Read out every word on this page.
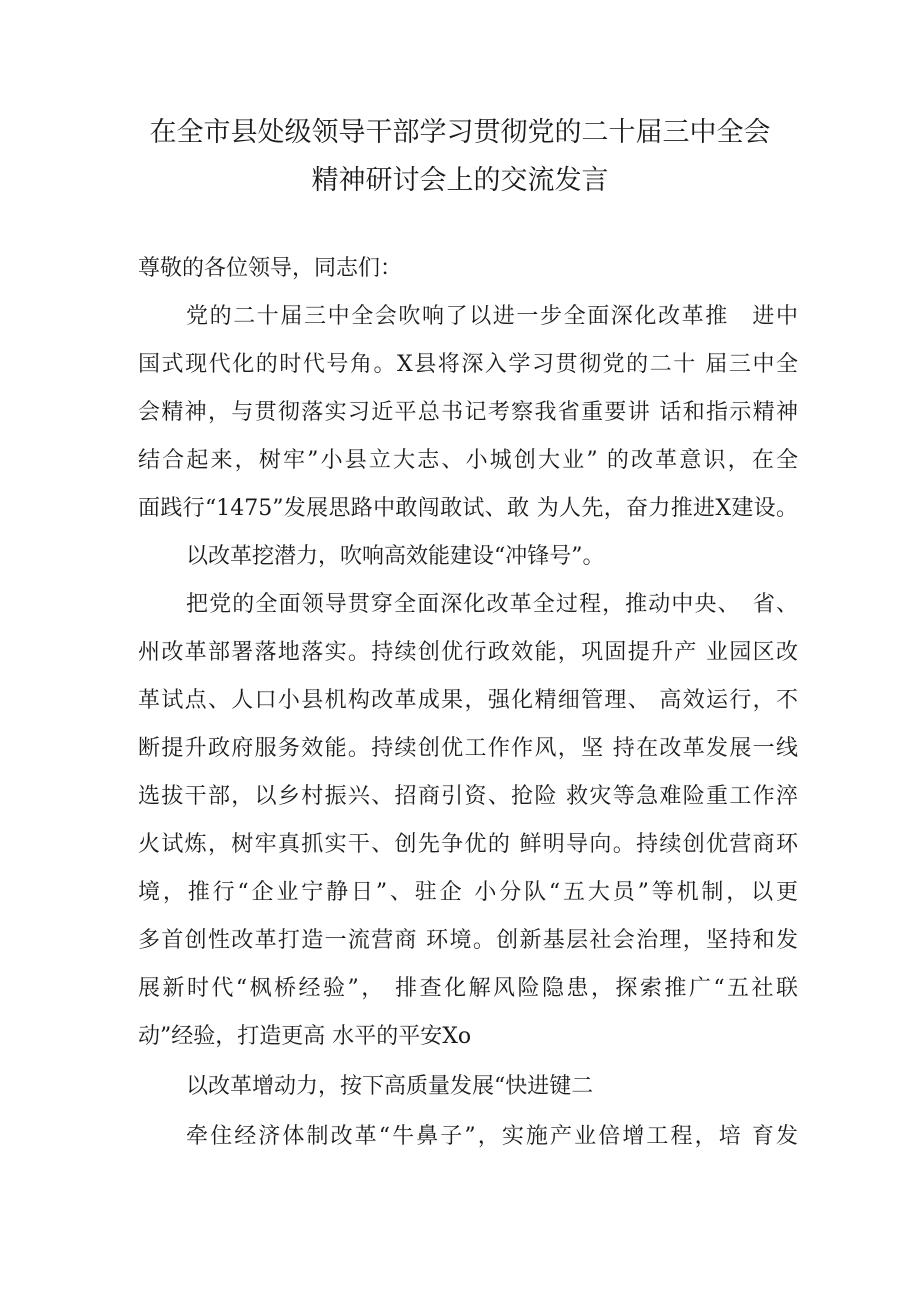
在全市县处级领导干部学习贯彻党的二十届三中全会
精神研讨会上的交流发言
尊敬的各位领导，同志们：
党的二十届三中全会吹响了以进一步全面深化改革推　进中
国式现代化的时代号角。X县将深入学习贯彻党的二十 届三中全
会精神，与贯彻落实习近平总书记考察我省重要讲 话和指示精神
结合起来，树牢”小县立大志、小城创大业” 的改革意识，在全
面践行“1475”发展思路中敢闯敢试、敢 为人先，奋力推进X建设。
以改革挖潜力，吹响高效能建设“冲锋号”。
把党的全面领导贯穿全面深化改革全过程，推动中央、　省、
州改革部署落地落实。持续创优行政效能，巩固提升产 业园区改
革试点、人口小县机构改革成果，强化精细管理、 高效运行，不
断提升政府服务效能。持续创优工作作风，坚 持在改革发展一线
选拔干部，以乡村振兴、招商引资、抢险 救灾等急难险重工作淬
火试炼，树牢真抓实干、创先争优的 鲜明导向。持续创优营商环
境，推行“企业宁静日”、驻企 小分队“五大员”等机制，以更
多首创性改革打造一流营商 环境。创新基层社会治理，坚持和发
展新时代“枫桥经验”， 排查化解风险隐患，探索推广“五社联
动”经验，打造更高 水平的平安Xo
以改革增动力，按下高质量发展“快进键二
牵住经济体制改革“牛鼻子”，实施产业倍增工程，培 育发
